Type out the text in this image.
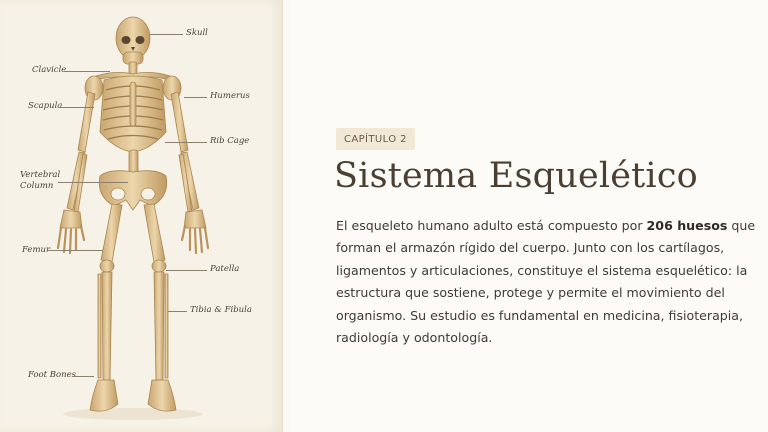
Skull
Clavicle
Scapula
Humerus
Rib Cage
Vertebral
Column
Femur
Patella
Tibia & Fibula
Foot Bones
CAPÍTULO 2
Sistema Esquelético

El esqueleto humano adulto está compuesto por 206 huesos que forman el armazón rígido del cuerpo. Junto con los cartílagos, ligamentos y articulaciones, constituye el sistema esquelético: la estructura que sostiene, protege y permite el movimiento del organismo. Su estudio es fundamental en medicina, fisioterapia, radiología y odontología.
